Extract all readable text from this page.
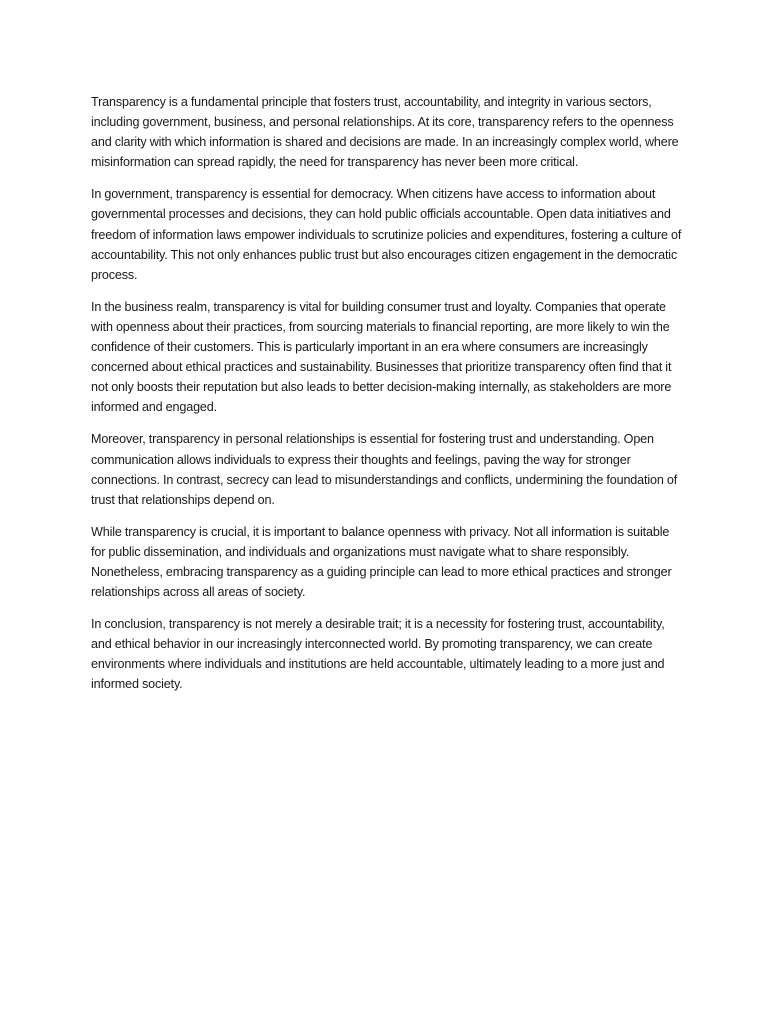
Transparency is a fundamental principle that fosters trust, accountability, and integrity in various sectors, including government, business, and personal relationships. At its core, transparency refers to the openness and clarity with which information is shared and decisions are made. In an increasingly complex world, where misinformation can spread rapidly, the need for transparency has never been more critical.

In government, transparency is essential for democracy. When citizens have access to information about governmental processes and decisions, they can hold public officials accountable. Open data initiatives and freedom of information laws empower individuals to scrutinize policies and expenditures, fostering a culture of accountability. This not only enhances public trust but also encourages citizen engagement in the democratic process.

In the business realm, transparency is vital for building consumer trust and loyalty. Companies that operate with openness about their practices, from sourcing materials to financial reporting, are more likely to win the confidence of their customers. This is particularly important in an era where consumers are increasingly concerned about ethical practices and sustainability. Businesses that prioritize transparency often find that it not only boosts their reputation but also leads to better decision-making internally, as stakeholders are more informed and engaged.

Moreover, transparency in personal relationships is essential for fostering trust and understanding. Open communication allows individuals to express their thoughts and feelings, paving the way for stronger connections. In contrast, secrecy can lead to misunderstandings and conflicts, undermining the foundation of trust that relationships depend on.

While transparency is crucial, it is important to balance openness with privacy. Not all information is suitable for public dissemination, and individuals and organizations must navigate what to share responsibly. Nonetheless, embracing transparency as a guiding principle can lead to more ethical practices and stronger relationships across all areas of society.

In conclusion, transparency is not merely a desirable trait; it is a necessity for fostering trust, accountability, and ethical behavior in our increasingly interconnected world. By promoting transparency, we can create environments where individuals and institutions are held accountable, ultimately leading to a more just and informed society.
